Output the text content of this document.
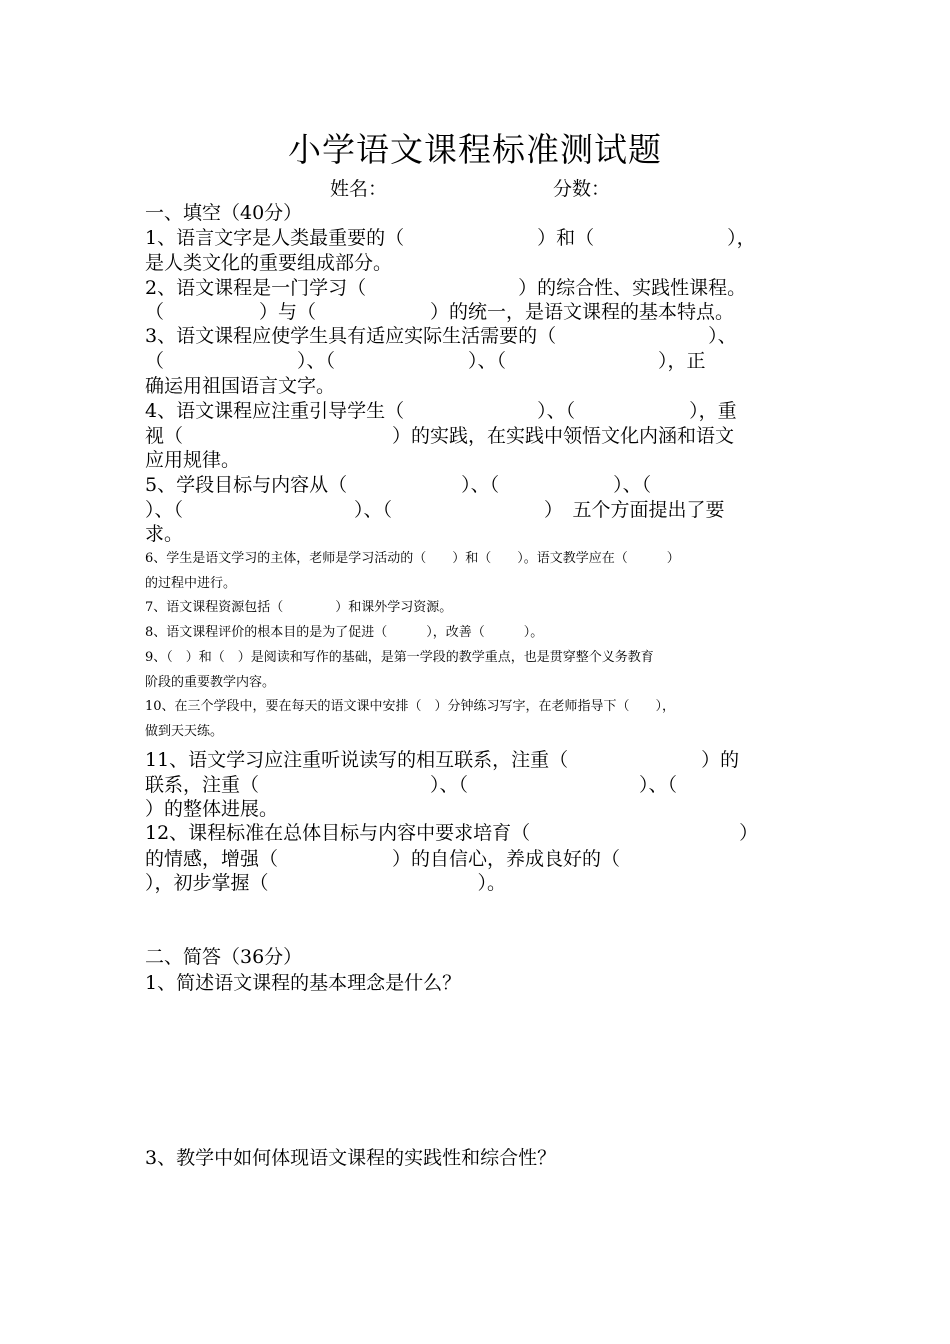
小学语文课程标准测试题
姓名：	分数：
一、填空（40分）
1、语言文字是人类最重要的（　　　　　　　）和（　　　　　　　），
是人类文化的重要组成部分。
2、语文课程是一门学习（　　　　　　　　）的综合性、实践性课程。
（　　　　　）与（　　　　　　）的统一，是语文课程的基本特点。
3、语文课程应使学生具有适应实际生活需要的（　　　　　　　　）、
（　　　　　　　）、（　　　　　　　）、（　　　　　　　　），正
确运用祖国语言文字。
4、语文课程应注重引导学生（　　　　　　　）、（　　　　　　），重
视（　　　　　　　　　　　）的实践，在实践中领悟文化内涵和语文
应用规律。
5、学段目标与内容从（　　　　　　）、（　　　　　　）、（
）、（　　　　　　　　　）、（　　　　　　　　）　五个方面提出了要
求。
6、学生是语文学习的主体，老师是学习活动的（　　）和（　　）。语文教学应在（　　　）
的过程中进行。
7、语文课程资源包括（　　　　）和课外学习资源。
8、语文课程评价的根本目的是为了促进（　　　），改善（　　　）。
9、（　）和（　）是阅读和写作的基础，是第一学段的教学重点，也是贯穿整个义务教育
阶段的重要教学内容。
10、在三个学段中，要在每天的语文课中安排（　）分钟练习写字，在老师指导下（　　），
做到天天练。
11、语文学习应注重听说读写的相互联系，注重（　　　　　　　）的
联系，注重（　　　　　　　　　）、（　　　　　　　　　）、（
）的整体进展。
12、课程标准在总体目标与内容中要求培育（　　　　　　　　　　　）
的情感，增强（　　　　　　）的自信心，养成良好的（
），初步掌握（　　　　　　　　　　　）。
二、简答（36分）
1、简述语文课程的基本理念是什么？
3、教学中如何体现语文课程的实践性和综合性？
